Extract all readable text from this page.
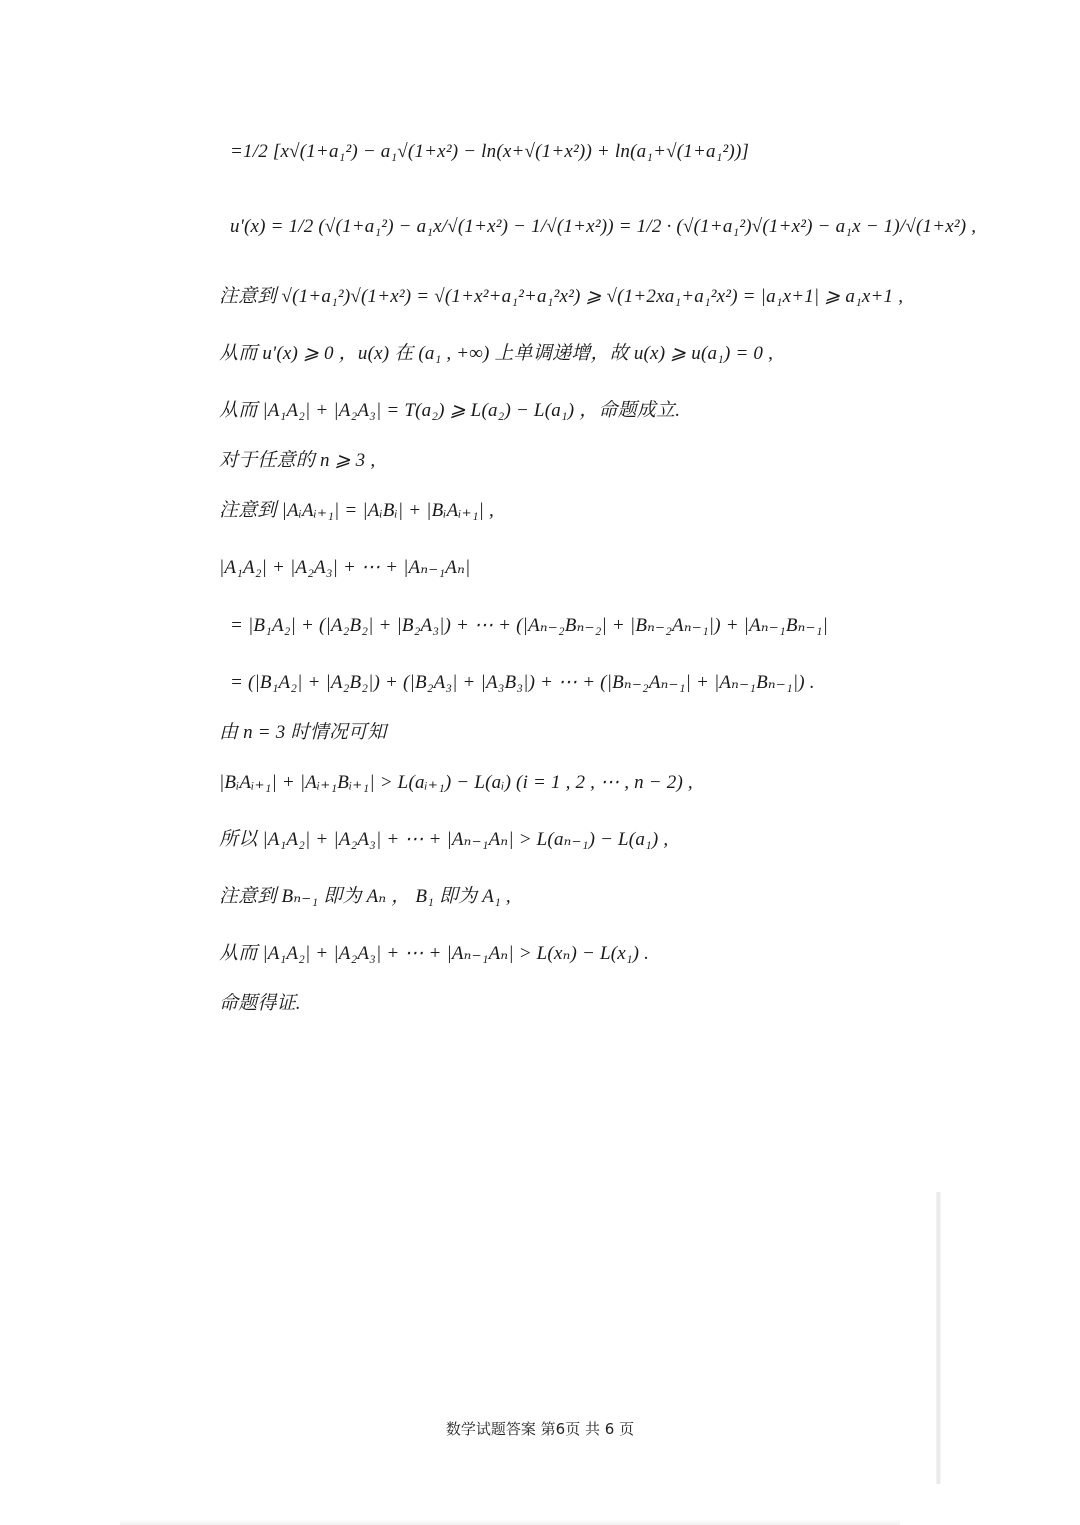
=1/2 [x√(1+a₁²) − a₁√(1+x²) − ln(x+√(1+x²)) + ln(a₁+√(1+a₁²))]
u'(x) = 1/2 (√(1+a₁²) − a₁x/√(1+x²) − 1/√(1+x²)) = 1/2 · (√(1+a₁²)√(1+x²) − a₁x − 1)/√(1+x²) ,
注意到 √(1+a₁²)√(1+x²) = √(1+x²+a₁²+a₁²x²) ⩾ √(1+2xa₁+a₁²x²) = |a₁x+1| ⩾ a₁x+1 ,
从而 u'(x) ⩾ 0 ，u(x) 在 (a₁ , +∞) 上单调递增，故 u(x) ⩾ u(a₁) = 0 ,
从而 |A₁A₂| + |A₂A₃| = T(a₂) ⩾ L(a₂) − L(a₁) ，命题成立.
对于任意的 n ⩾ 3 ,
注意到 |AᵢAᵢ₊₁| = |AᵢBᵢ| + |BᵢAᵢ₊₁| ,
|A₁A₂| + |A₂A₃| + ⋯ + |Aₙ₋₁Aₙ|
= |B₁A₂| + (|A₂B₂| + |B₂A₃|) + ⋯ + (|Aₙ₋₂Bₙ₋₂| + |Bₙ₋₂Aₙ₋₁|) + |Aₙ₋₁Bₙ₋₁|
= (|B₁A₂| + |A₂B₂|) + (|B₂A₃| + |A₃B₃|) + ⋯ + (|Bₙ₋₂Aₙ₋₁| + |Aₙ₋₁Bₙ₋₁|) .
由 n = 3 时情况可知
|BᵢAᵢ₊₁| + |Aᵢ₊₁Bᵢ₊₁| > L(aᵢ₊₁) − L(aᵢ) (i = 1 , 2 , ⋯ , n − 2) ,
所以 |A₁A₂| + |A₂A₃| + ⋯ + |Aₙ₋₁Aₙ| > L(aₙ₋₁) − L(a₁) ,
注意到 Bₙ₋₁ 即为 Aₙ ， B₁ 即为 A₁ ,
从而 |A₁A₂| + |A₂A₃| + ⋯ + |Aₙ₋₁Aₙ| > L(xₙ) − L(x₁) .
命题得证.
数学试题答案 第6页 共 6 页
